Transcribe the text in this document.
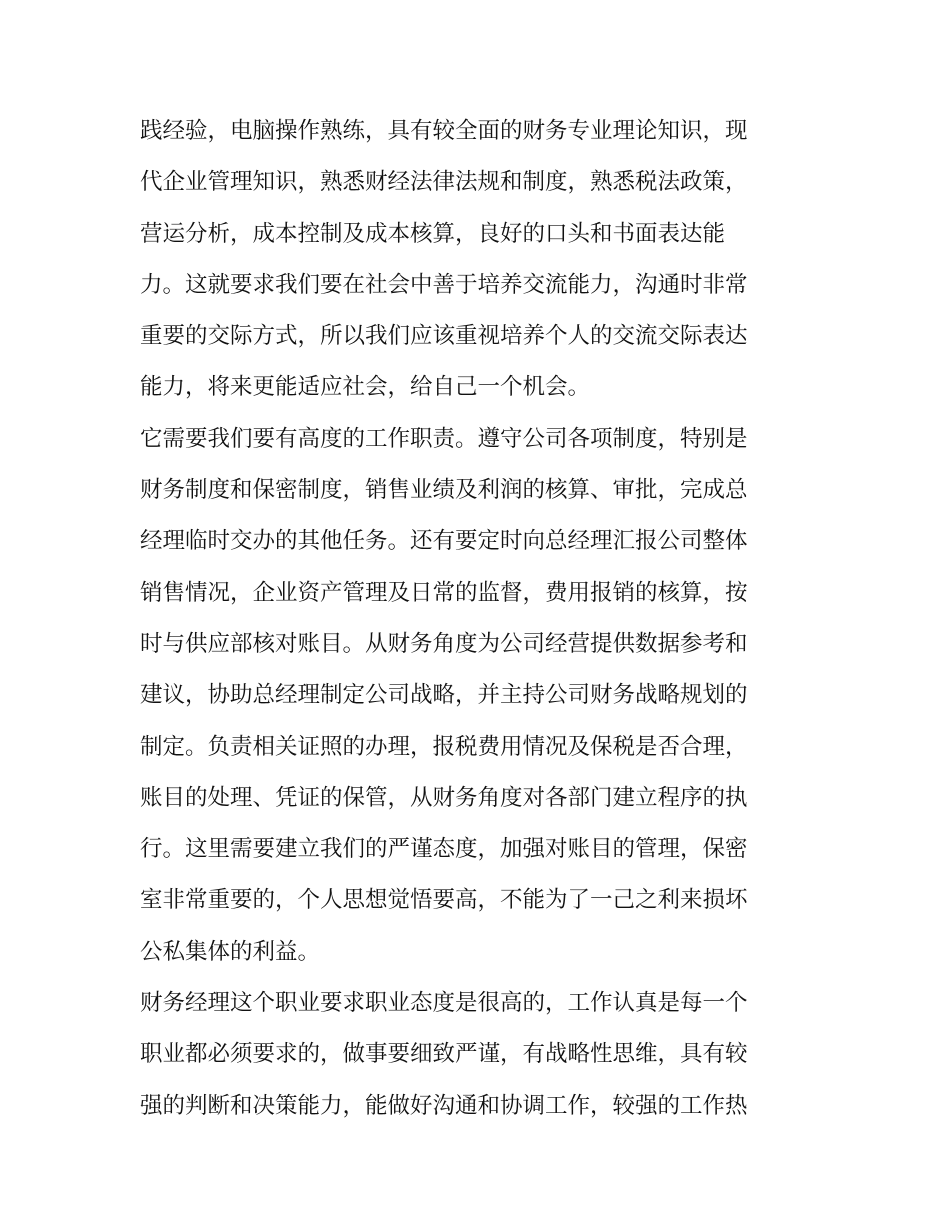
践经验，电脑操作熟练，具有较全面的财务专业理论知识，现
代企业管理知识，熟悉财经法律法规和制度，熟悉税法政策，
营运分析，成本控制及成本核算，良好的口头和书面表达能
力。这就要求我们要在社会中善于培养交流能力，沟通时非常
重要的交际方式，所以我们应该重视培养个人的交流交际表达
能力，将来更能适应社会，给自己一个机会。
它需要我们要有高度的工作职责。遵守公司各项制度，特别是
财务制度和保密制度，销售业绩及利润的核算、审批，完成总
经理临时交办的其他任务。还有要定时向总经理汇报公司整体
销售情况，企业资产管理及日常的监督，费用报销的核算，按
时与供应部核对账目。从财务角度为公司经营提供数据参考和
建议，协助总经理制定公司战略，并主持公司财务战略规划的
制定。负责相关证照的办理，报税费用情况及保税是否合理，
账目的处理、凭证的保管，从财务角度对各部门建立程序的执
行。这里需要建立我们的严谨态度，加强对账目的管理，保密
室非常重要的，个人思想觉悟要高，不能为了一己之利来损坏
公私集体的利益。
财务经理这个职业要求职业态度是很高的，工作认真是每一个
职业都必须要求的，做事要细致严谨，有战略性思维，具有较
强的判断和决策能力，能做好沟通和协调工作，较强的工作热
